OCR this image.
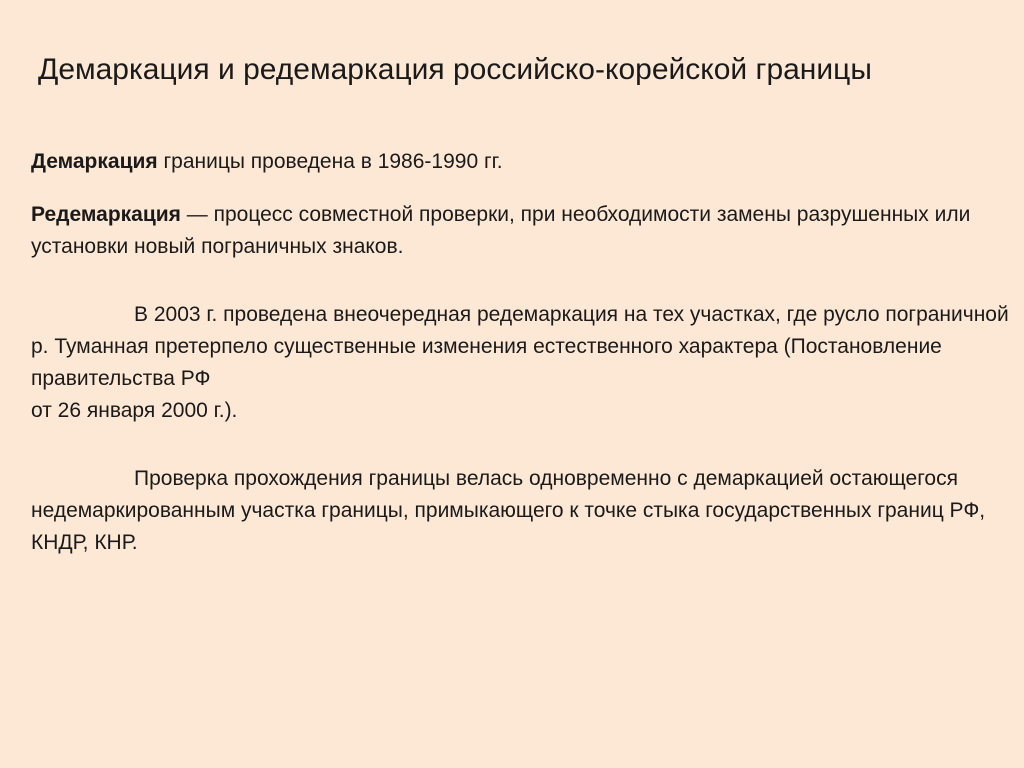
Демаркация и редемаркация российско-корейской границы

Демаркация границы проведена в 1986-1990 гг.

Редемаркация — процесс совместной проверки, при необходимости замены разрушенных или установки новый пограничных знаков.

В 2003 г. проведена внеочередная редемаркация на тех участках, где русло пограничной р. Туманная претерпело существенные изменения естественного характера (Постановление правительства РФ

от 26 января 2000 г.).

Проверка прохождения границы велась одновременно с демаркацией остающегося недемаркированным участка границы, примыкающего к точке стыка государственных границ РФ, КНДР, КНР.
